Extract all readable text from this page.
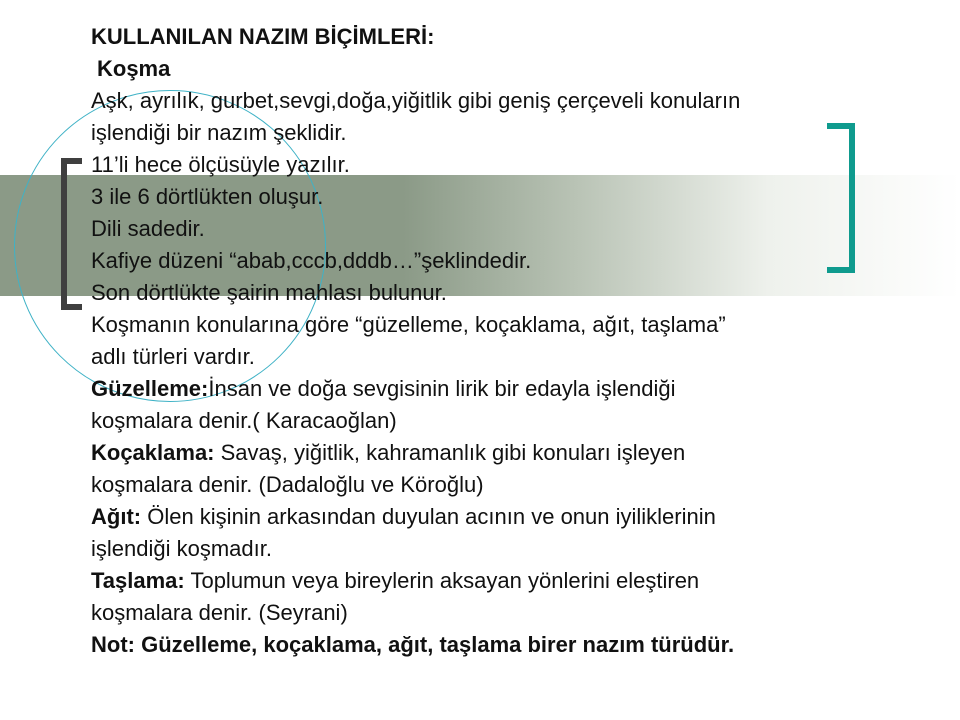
KULLANILAN NAZIM BİÇİMLERİ:

Koşma

Aşk, ayrılık, gurbet,sevgi,doğa,yiğitlik gibi geniş çerçeveli konuların

işlendiği bir nazım şeklidir.

11’li hece ölçüsüyle yazılır.

3 ile 6 dörtlükten oluşur.

Dili sadedir.

Kafiye düzeni “abab,cccb,dddb…”şeklindedir.

Son dörtlükte şairin mahlası bulunur.

Koşmanın konularına göre “güzelleme, koçaklama, ağıt, taşlama”

adlı türleri vardır.

Güzelleme:İnsan ve doğa sevgisinin lirik bir edayla işlendiği

koşmalara denir.( Karacaoğlan)

Koçaklama: Savaş, yiğitlik, kahramanlık gibi konuları işleyen

koşmalara denir. (Dadaloğlu ve Köroğlu)

Ağıt: Ölen kişinin arkasından duyulan acının ve onun iyiliklerinin

işlendiği koşmadır.

Taşlama: Toplumun veya bireylerin aksayan yönlerini eleştiren

koşmalara denir. (Seyrani)

Not: Güzelleme, koçaklama, ağıt, taşlama birer nazım türüdür.
